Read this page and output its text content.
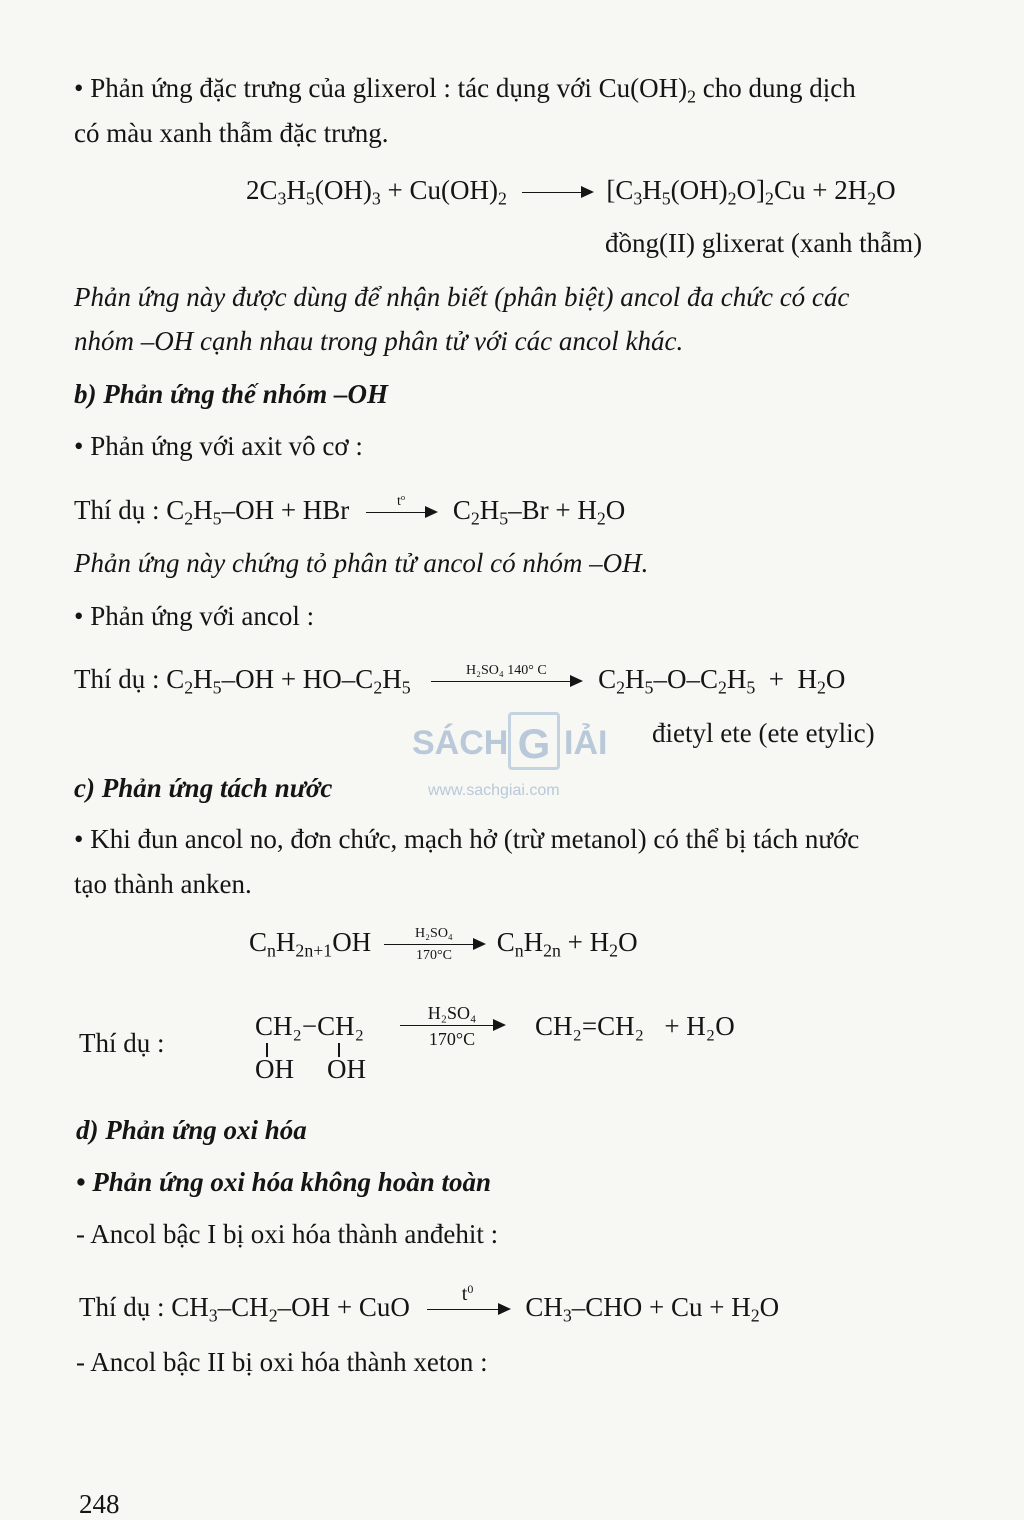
• Phản ứng đặc trưng của glixerol : tác dụng với $Cu(OH)_2$ cho dung dịch

có màu xanh thẫm đặc trưng.

$2C_3H_5(OH)_3 + Cu(OH)_2 \to [C_3H_5(OH)_2O]_2Cu + 2H_2O$

đồng(II) glixerat (xanh thẫm)

Phản ứng này được dùng để nhận biết (phân biệt) ancol đa chức có các

nhóm –OH cạnh nhau trong phân tử với các ancol khác.

b) Phản ứng thế nhóm –OH

• Phản ứng với axit vô cơ :

Thí dụ : $C_2H_5-OH$ + HBr	$t^o$	$C_2H_5-Br + H_2O$

Phản ứng này chứng tỏ phân tử ancol có nhóm –OH.

• Phản ứng với ancol :

Thí dụ : $C_2H_5-OH + HO-C_2H_5$
H₂SO₄ 140° C	$C_2H_5-O-C_2H_5 + H_2O$

đietyl ete (ete etylic)

SÁCH G IẢI
www.sachgiai.com

c) Phản ứng tách nước

• Khi đun ancol no, đơn chức, mạch hở (trừ metanol) có thể bị tách nước

tạo thành anken.

$C_nH_{2n+1}OH \frac{\text{H₂SO₄}}{170^\circ C} C_nH_{2n} + H_2O$

Thí dụ :

CH₂−CH₂

OH OH

H₂SO₄
170°C	CH₂=CH₂ + H₂O

d) Phản ứng oxi hóa

• Phản ứng oxi hóa không hoàn toàn

- Ancol bậc I bị oxi hóa thành anđehit :

Thí dụ : $CH_3-CH_2-OH$ + CuO	$t^0$
$CH_3$–CHO + $Cu + H_2O$

- Ancol bậc II bị oxi hóa thành xeton :

248
